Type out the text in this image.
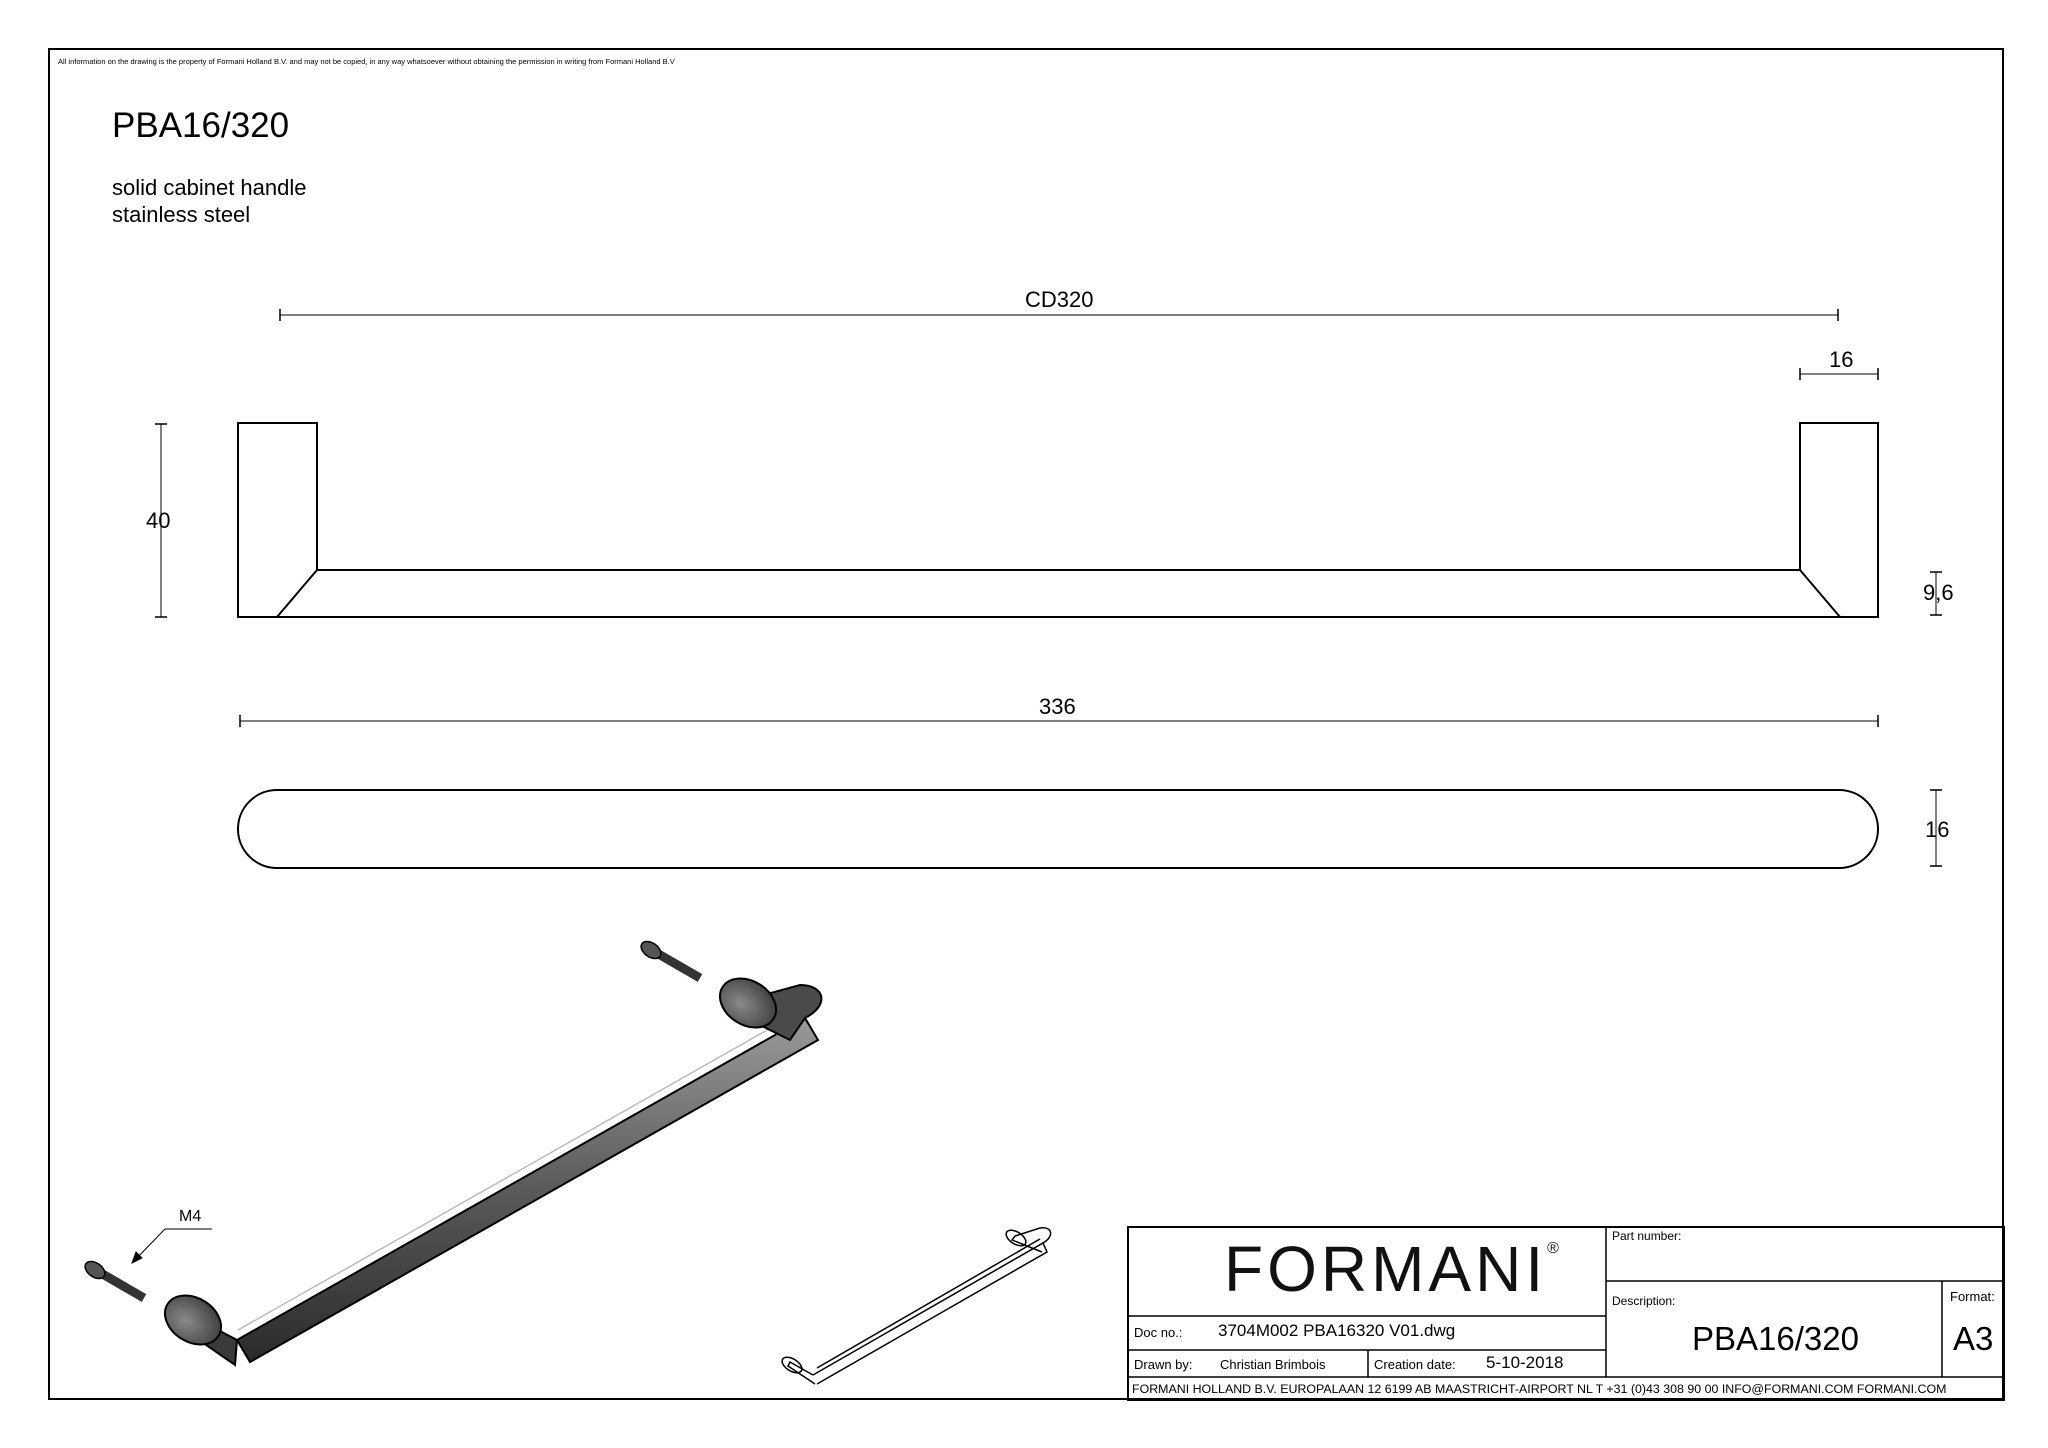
All information on the drawing is the property of Formani Holland B.V. and may not be copied, in any way whatsoever without obtaining the permission in writing from Formani Holland B.V
PBA16/320
solid cabinet handle
stainless steel
CD320
16
40
9,6
336
16
M4
FORMANI®
Doc no.: 3704M002 PBA16320 V01.dwg
Drawn by: Christian Brimbois	Creation date: 5-10-2018
Part number:
Description:
PBA16/320
Format:
A3
FORMANI HOLLAND B.V. EUROPALAAN 12 6199 AB MAASTRICHT-AIRPORT NL T +31 (0)43 308 90 00 INFO@FORMANI.COM FORMANI.COM
